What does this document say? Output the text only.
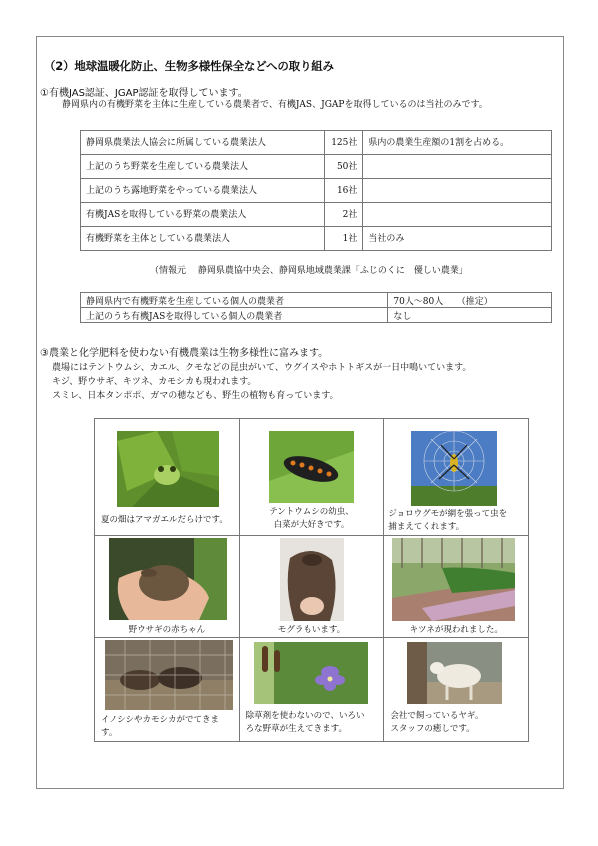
（2）地球温暖化防止、生物多様性保全などへの取り組み
①有機JAS認証、JGAP認証を取得しています。
静岡県内の有機野菜を主体に生産している農業者で、有機JAS、JGAPを取得しているのは当社のみです。
静岡県農業法人協会に所属している農業法人	125社	県内の農業生産額の1割を占める。
上記のうち野菜を生産している農業法人	50社	
上記のうち露地野菜をやっている農業法人	16社	
有機JASを取得している野菜の農業法人	2社	
有機野菜を主体としている農業法人	1社	当社のみ
（情報元　 静岡県農協中央会、静岡県地域農業課「ふじのくに　優しい農業」
静岡県内で有機野菜を生産している個人の農業者	70人～80人　　（推定）
上記のうち有機JASを取得している個人の農業者	なし
③農業と化学肥料を使わない有機農業は生物多様性に富みます。
農場にはテントウムシ、カエル、クモなどの昆虫がいて、ウグイスやホトトギスが一日中鳴いています。
キジ、野ウサギ、キツネ、カモシカも現われます。
スミレ、日本タンポポ、ガマの穂なども、野生の植物も育っています。
夏の畑はアマガエルだらけです。	テントウムシの幼虫、
白菜が大好きです。	ジョロウグモが網を張って虫を
捕まえてくれます。

野ウサギの赤ちゃん	モグラもいます。	キツネが現われました。

イノシシやカモシカがでてきま
す。	除草剤を使わないので、いろい
ろな野草が生えてきます。	会社で飼っているヤギ。
スタッフの癒しです。
